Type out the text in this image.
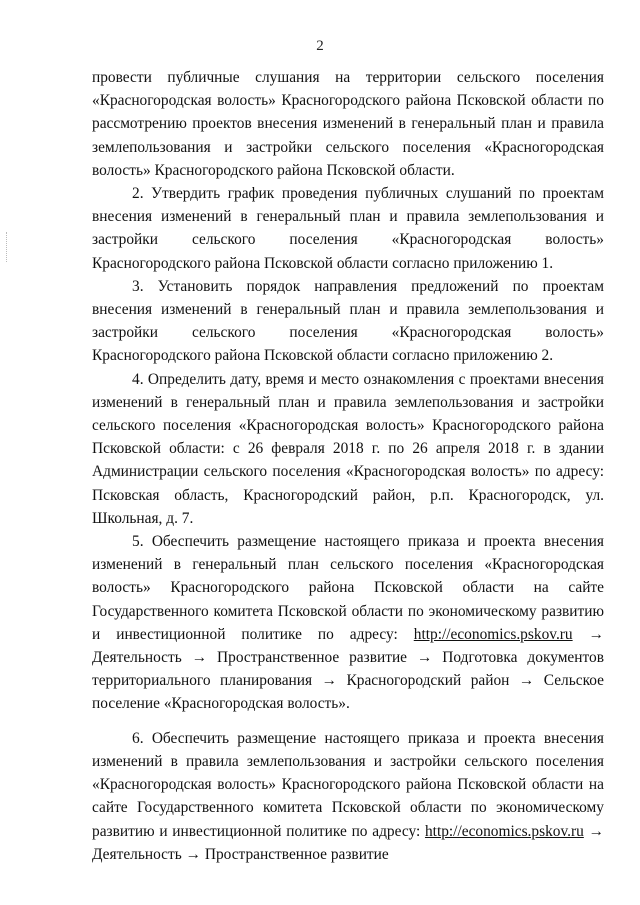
2

провести публичные слушания на территории сельского поселения «Красногородская волость» Красногородского района Псковской области по рассмотрению проектов внесения изменений в генеральный план и правила землепользования и застройки сельского поселения «Красногородская волость» Красногородского района Псковской области.

2. Утвердить график проведения публичных слушаний по проектам внесения изменений в генеральный план и правила землепользования и застройки сельского поселения «Красногородская волость» Красногородского района Псковской области согласно приложению 1.

3. Установить порядок направления предложений по проектам внесения изменений в генеральный план и правила землепользования и застройки сельского поселения «Красногородская волость» Красногородского района Псковской области согласно приложению 2.

4. Определить дату, время и место ознакомления с проектами внесения изменений в генеральный план и правила землепользования и застройки сельского поселения «Красногородская волость» Красногородского района Псковской области: с 26 февраля 2018 г. по 26 апреля 2018 г. в здании Администрации сельского поселения «Красногородская волость» по адресу: Псковская область, Красногородский район, р.п. Красногородск, ул. Школьная, д. 7.

5. Обеспечить размещение настоящего приказа и проекта внесения изменений в генеральный план сельского поселения «Красногородская волость» Красногородского района Псковской области на сайте Государственного комитета Псковской области по экономическому развитию и инвестиционной политике по адресу: http://economics.pskov.ru → Деятельность → Пространственное развитие → Подготовка документов территориального планирования → Красногородский район → Сельское поселение «Красногородская волость».

6. Обеспечить размещение настоящего приказа и проекта внесения изменений в правила землепользования и застройки сельского поселения «Красногородская волость» Красногородского района Псковской области на сайте Государственного комитета Псковской области по экономическому развитию и инвестиционной политике по адресу: http://economics.pskov.ru → Деятельность → Пространственное развитие
